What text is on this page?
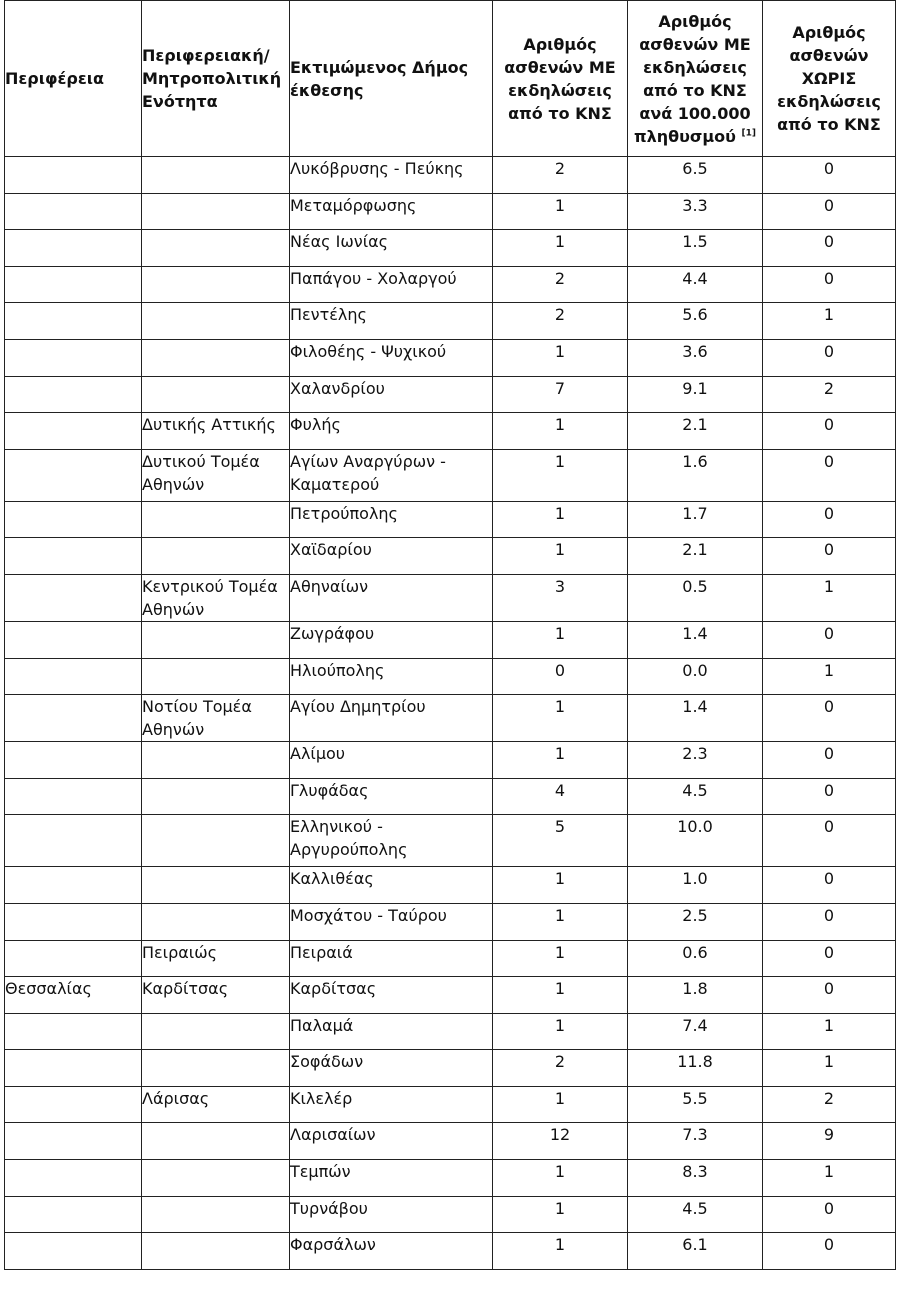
Περιφέρεια	Περιφερειακή/ Μητροπολιτική Ενότητα	Εκτιμώμενος Δήμος έκθεσης	Αριθμός ασθενών ΜΕ εκδηλώσεις από το ΚΝΣ	Αριθμός ασθενών ΜΕ εκδηλώσεις από το ΚΝΣ ανά 100.000 πληθυσμού [1]	Αριθμός ασθενών ΧΩΡΙΣ εκδηλώσεις από το ΚΝΣ
		Λυκόβρυσης - Πεύκης	2	6.5	0
		Μεταμόρφωσης	1	3.3	0
		Νέας Ιωνίας	1	1.5	0
		Παπάγου - Χολαργού	2	4.4	0
		Πεντέλης	2	5.6	1
		Φιλοθέης - Ψυχικού	1	3.6	0
		Χαλανδρίου	7	9.1	2
	Δυτικής Αττικής	Φυλής	1	2.1	0
	Δυτικού Τομέα Αθηνών	Αγίων Αναργύρων - Καματερού	1	1.6	0
		Πετρούπολης	1	1.7	0
		Χαϊδαρίου	1	2.1	0
	Κεντρικού Τομέα Αθηνών	Αθηναίων	3	0.5	1
		Ζωγράφου	1	1.4	0
		Ηλιούπολης	0	0.0	1
	Νοτίου Τομέα Αθηνών	Αγίου Δημητρίου	1	1.4	0
		Αλίμου	1	2.3	0
		Γλυφάδας	4	4.5	0
		Ελληνικού - Αργυρούπολης	5	10.0	0
		Καλλιθέας	1	1.0	0
		Μοσχάτου - Ταύρου	1	2.5	0
	Πειραιώς	Πειραιά	1	0.6	0
Θεσσαλίας	Καρδίτσας	Καρδίτσας	1	1.8	0
		Παλαμά	1	7.4	1
		Σοφάδων	2	11.8	1
	Λάρισας	Κιλελέρ	1	5.5	2
		Λαρισαίων	12	7.3	9
		Τεμπών	1	8.3	1
		Τυρνάβου	1	4.5	0
		Φαρσάλων	1	6.1	0
